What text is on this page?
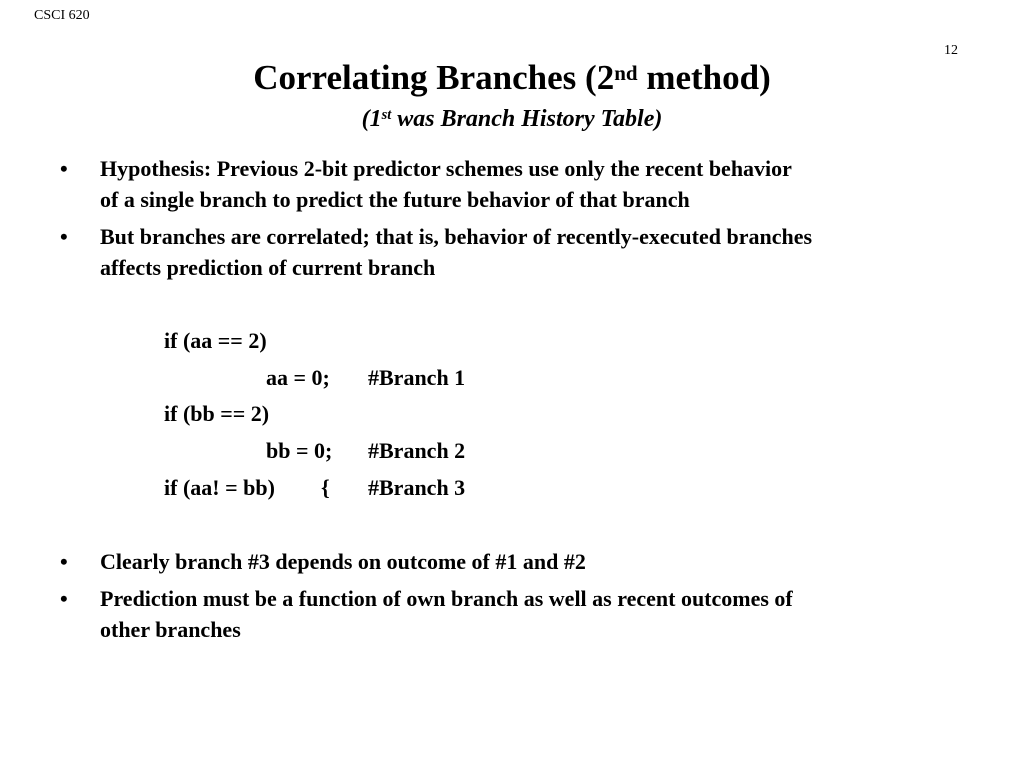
CSCI 620
12
Correlating Branches (2nd method)
(1st was Branch History Table)
• Hypothesis: Previous 2-bit predictor schemes use only the recent behavior
of a single branch to predict the future behavior of that branch
• But branches are correlated; that is, behavior of recently-executed branches
affects prediction of current branch
if (aa == 2)
aa = 0; #Branch 1
if (bb == 2)
bb = 0; #Branch 2
if (aa! = bb) { #Branch 3
• Clearly branch #3 depends on outcome of #1 and #2
• Prediction must be a function of own branch as well as recent outcomes of
other branches
